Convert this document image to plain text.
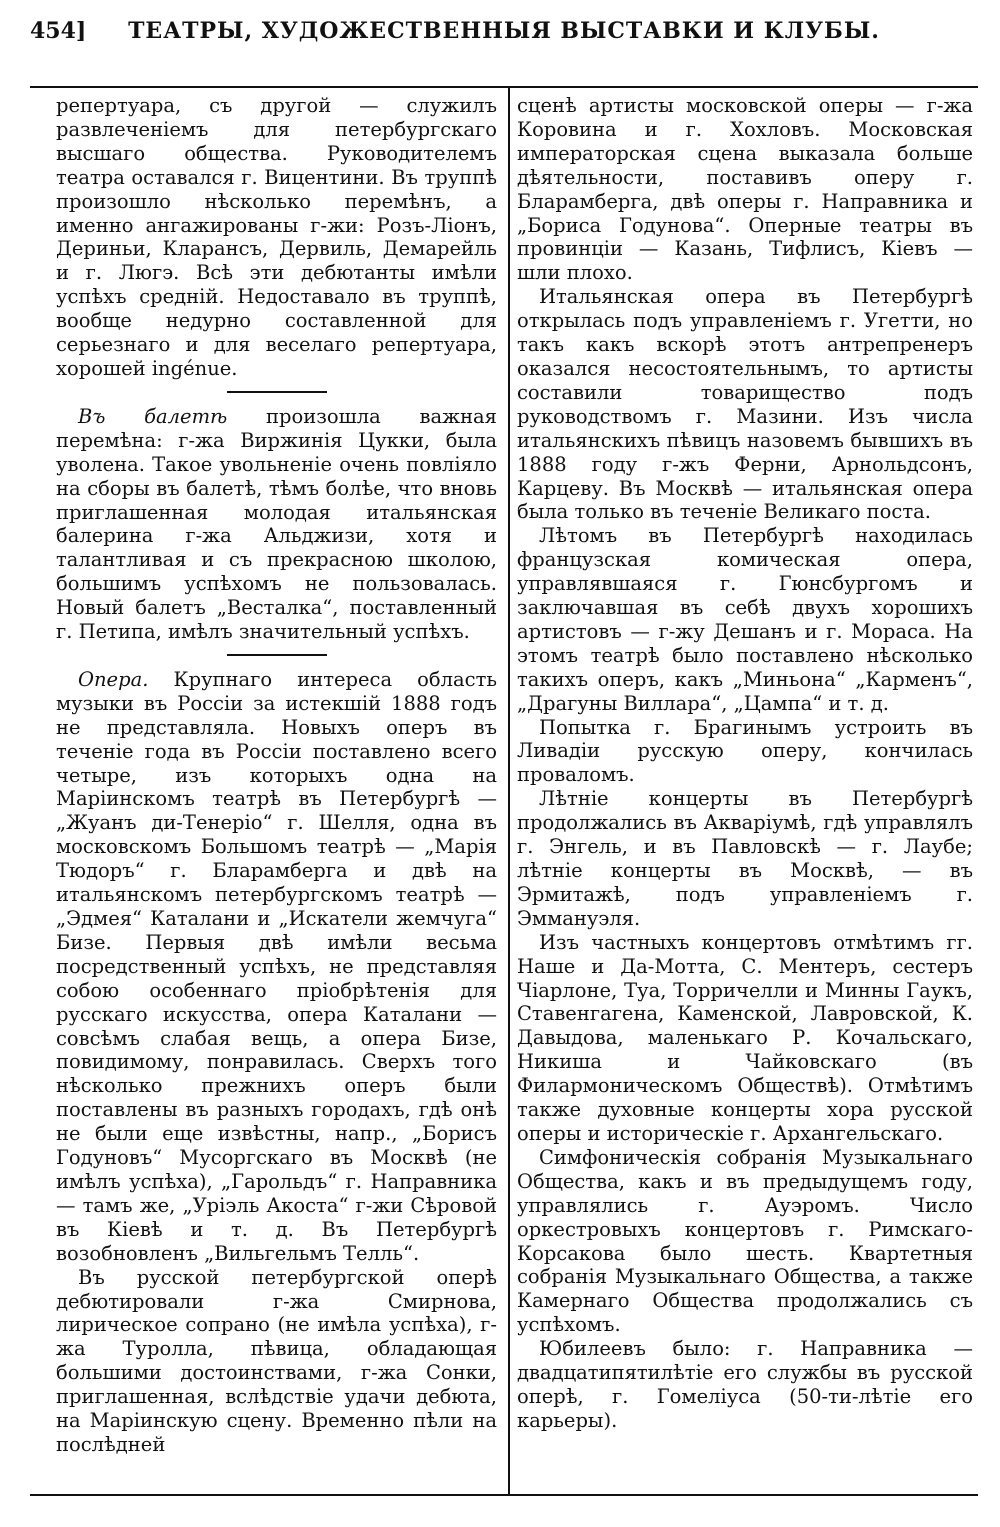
454]	ТЕАТРЫ, ХУДОЖЕСТВЕННЫЯ ВЫСТАВКИ И КЛУБЫ.

репертуара, съ другой — служилъ развлеченіемъ для петербургскаго высшаго общества. Руководителемъ театра оставался г. Вицентини. Въ труппѣ произошло нѣсколько перемѣнъ, а именно ангажированы г-жи: Розъ-Ліонъ, Дериньи, Кларансъ, Дервиль, Демарейль и г. Люгэ. Всѣ эти дебютанты имѣли успѣхъ средній. Недоставало въ труппѣ, вообще недурно составленной для серьезнаго и для веселаго репертуара, хорошей ingénue.

Въ балетѣ произошла важная перемѣна: г-жа Виржинія Цукки, была уволена. Такое увольненіе очень повліяло на сборы въ балетѣ, тѣмъ болѣе, что вновь приглашенная молодая итальянская балерина г-жа Альджизи, хотя и талантливая и съ прекрасною школою, большимъ успѣхомъ не пользовалась. Новый балетъ „Весталка“, поставленный г. Петипа, имѣлъ значительный успѣхъ.

Опера. Крупнаго интереса область музыки въ Россіи за истекшій 1888 годъ не представляла. Новыхъ оперъ въ теченіе года въ Россіи поставлено всего четыре, изъ которыхъ одна на Маріинскомъ театрѣ въ Петербургѣ — „Жуанъ ди-Тенеріо“ г. Шелля, одна въ московскомъ Большомъ театрѣ — „Марія Тюдоръ“ г. Бларамберга и двѣ на итальянскомъ петербургскомъ театрѣ — „Эдмея“ Каталани и „Искатели жемчуга“ Бизе. Первыя двѣ имѣли весьма посредственный успѣхъ, не представляя собою особеннаго пріобрѣтенія для русскаго искусства, опера Каталани — совсѣмъ слабая вещь, а опера Бизе, повидимому, понравилась. Сверхъ того нѣсколько прежнихъ оперъ были поставлены въ разныхъ городахъ, гдѣ онѣ не были еще извѣстны, напр., „Борисъ Годуновъ“ Мусоргскаго въ Москвѣ (не имѣлъ успѣха), „Гарольдъ“ г. Направника — тамъ же, „Уріэль Акоста“ г-жи Сѣровой въ Кіевѣ и т. д. Въ Петербургѣ возобновленъ „Вильгельмъ Телль“.

Въ русской петербургской оперѣ дебютировали г-жа Смирнова, лирическое сопрано (не имѣла успѣха), г-жа Туролла, пѣвица, обладающая большими достоинствами, г-жа Сонки, приглашенная, вслѣдствіе удачи дебюта, на Маріинскую сцену. Временно пѣли на послѣдней

сценѣ артисты московской оперы — г-жа Коровина и г. Хохловъ. Московская императорская сцена выказала больше дѣятельности, поставивъ оперу г. Бларамберга, двѣ оперы г. Направника и „Бориса Годунова“. Оперные театры въ провинціи — Казань, Тифлисъ, Кіевъ — шли плохо.

Итальянская опера въ Петербургѣ открылась подъ управленіемъ г. Угетти, но такъ какъ вскорѣ этотъ антрепренеръ оказался несостоятельнымъ, то артисты составили товарищество подъ руководствомъ г. Мазини. Изъ числа итальянскихъ пѣвицъ назовемъ бывшихъ въ 1888 году г-жъ Ферни, Арнольдсонъ, Карцеву. Въ Москвѣ — итальянская опера была только въ теченіе Великаго поста.

Лѣтомъ въ Петербургѣ находилась французская комическая опера, управлявшаяся г. Гюнсбургомъ и заключавшая въ себѣ двухъ хорошихъ артистовъ — г-жу Дешанъ и г. Мораса. На этомъ театрѣ было поставлено нѣсколько такихъ оперъ, какъ „Миньона“ „Карменъ“, „Драгуны Виллара“, „Цампа“ и т. д.

Попытка г. Брагинымъ устроить въ Ливадіи русскую оперу, кончилась проваломъ.

Лѣтніе концерты въ Петербургѣ продолжались въ Акваріумѣ, гдѣ управлялъ г. Энгель, и въ Павловскѣ — г. Лаубе; лѣтніе концерты въ Москвѣ, — въ Эрмитажѣ, подъ управленіемъ г. Эммануэля.

Изъ частныхъ концертовъ отмѣтимъ гг. Наше и Да-Мотта, С. Ментеръ, сестеръ Чіарлоне, Туа, Торричелли и Минны Гаукъ, Ставенгагена, Каменской, Лавровской, К. Давыдова, маленькаго Р. Кочальскаго, Никиша и Чайковскаго (въ Филармоническомъ Обществѣ). Отмѣтимъ также духовные концерты хора русской оперы и историческіе г. Архангельскаго.

Симфоническія собранія Музыкальнаго Общества, какъ и въ предыдущемъ году, управлялись г. Ауэромъ. Число оркестровыхъ концертовъ г. Римскаго-Корсакова было шесть. Квартетныя собранія Музыкальнаго Общества, а также Камернаго Общества продолжались съ успѣхомъ.

Юбилеевъ было: г. Направника — двадцатипятилѣтіе его службы въ русской оперѣ, г. Гомеліуса (50-ти-лѣтіе его карьеры).
